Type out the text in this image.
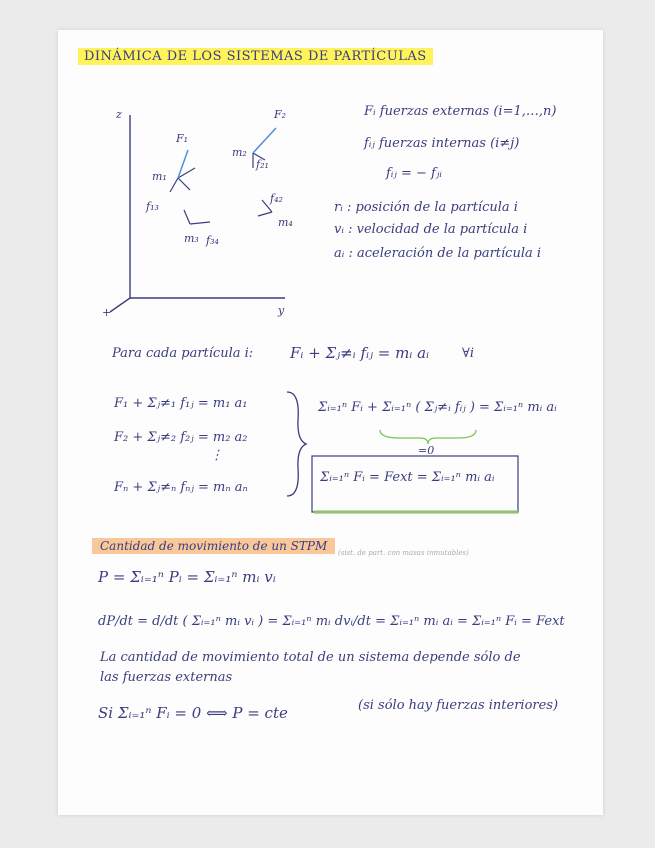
DINÁMICA DE LOS SISTEMAS DE PARTÍCULAS
z
+	y
F₁
F₂
m₁
m₂
m₃
m₄
f₂₁
f₁₃
f₃₄
f₄₂
Fᵢ fuerzas externas (i=1,…,n)
fᵢⱼ fuerzas internas (i≠j)
fᵢⱼ = − fⱼᵢ
rᵢ : posición de la partícula i
vᵢ : velocidad de la partícula i
aᵢ : aceleración de la partícula i
Para cada partícula i: Fᵢ + Σⱼ≠ᵢ fᵢⱼ = mᵢ aᵢ	∀i
F₁ + Σⱼ≠₁ f₁ⱼ = m₁ a₁
F₂ + Σⱼ≠₂ f₂ⱼ = m₂ a₂
⋮
Fₙ + Σⱼ≠ₙ fₙⱼ = mₙ aₙ
Σᵢ₌₁ⁿ Fᵢ + Σᵢ₌₁ⁿ ( Σⱼ≠ᵢ fᵢⱼ ) = Σᵢ₌₁ⁿ mᵢ aᵢ
=0
Σᵢ₌₁ⁿ Fᵢ = Fext = Σᵢ₌₁ⁿ mᵢ aᵢ
Cantidad de movimiento de un STPM	(sist. de part. con masas inmutables)
P = Σᵢ₌₁ⁿ Pᵢ = Σᵢ₌₁ⁿ mᵢ vᵢ
dP/dt = d/dt ( Σᵢ₌₁ⁿ mᵢ vᵢ ) = Σᵢ₌₁ⁿ mᵢ dvᵢ/dt = Σᵢ₌₁ⁿ mᵢ aᵢ = Σᵢ₌₁ⁿ Fᵢ = Fext
La cantidad de movimiento total de un sistema depende sólo de
las fuerzas externas
Si Σᵢ₌₁ⁿ Fᵢ = 0 ⟺ P = cte	(si sólo hay fuerzas interiores)
